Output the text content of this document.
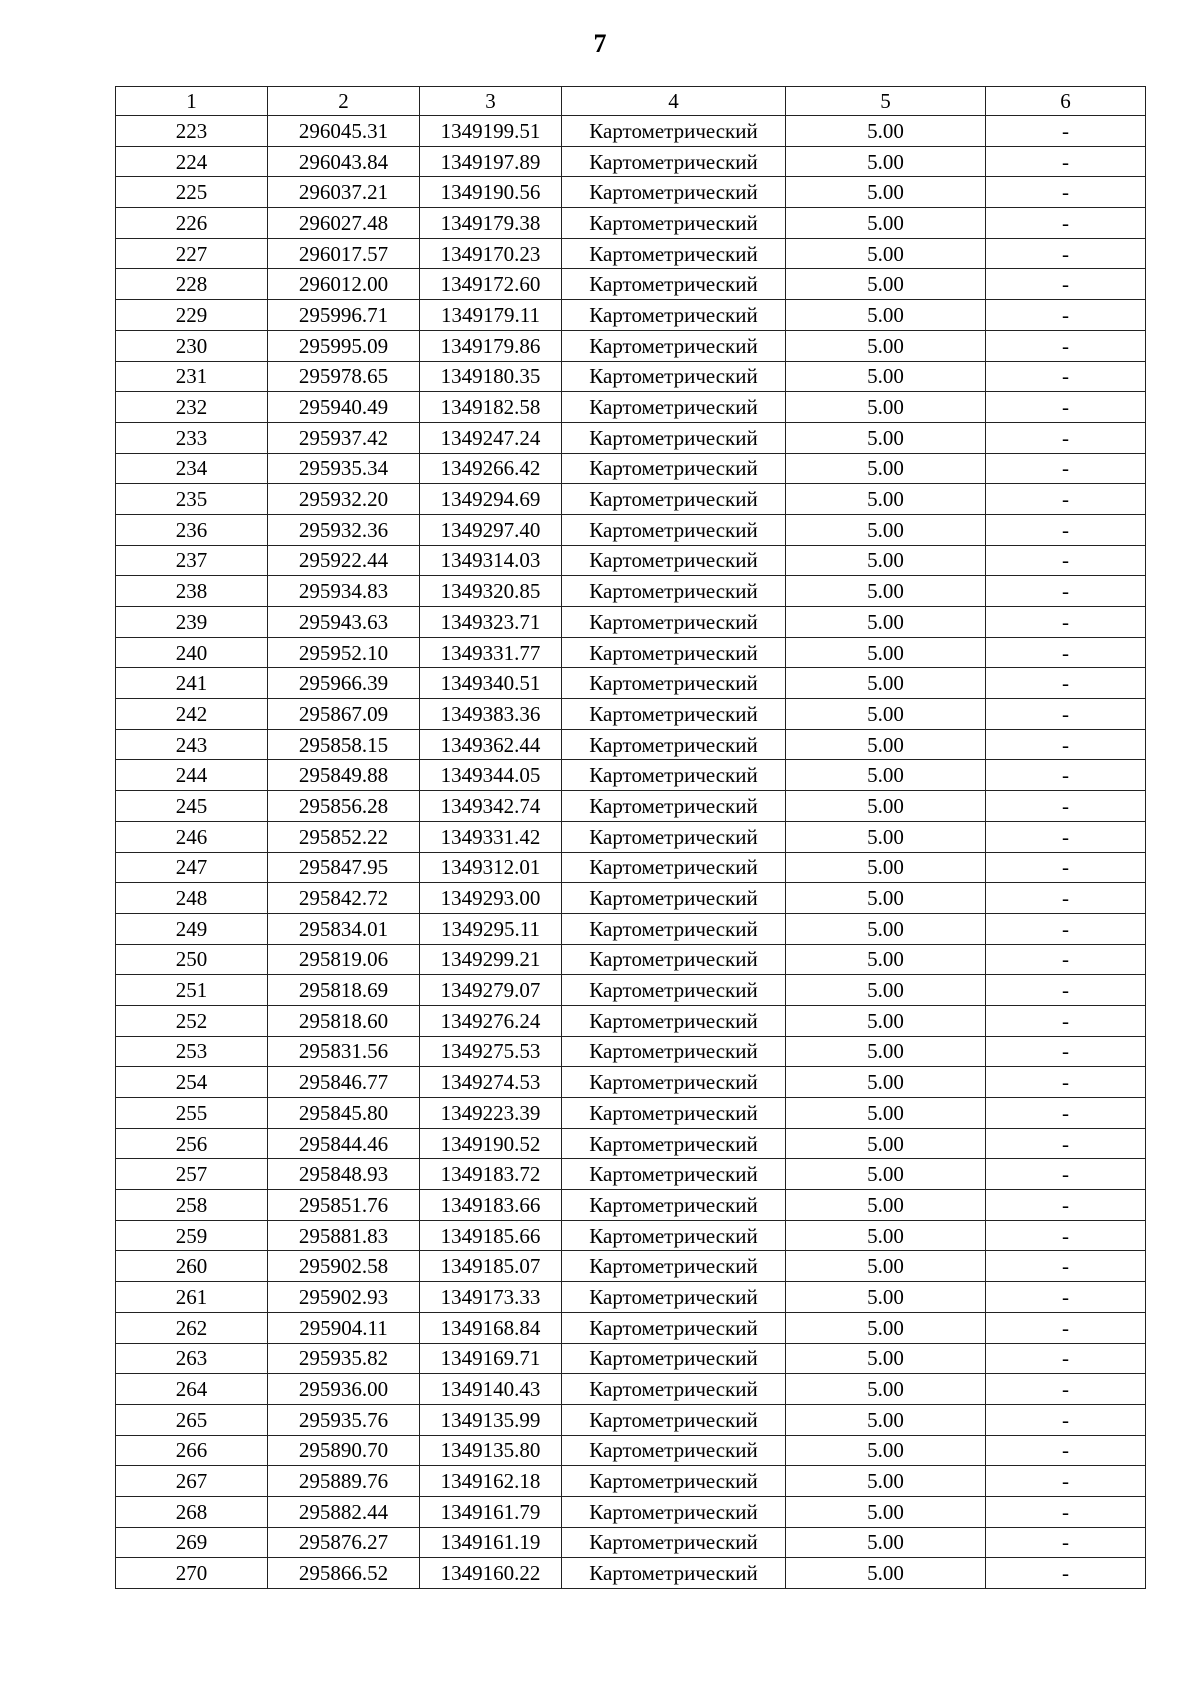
7
1	2	3	4	5	6
223	296045.31	1349199.51	Картометрический	5.00	-
224	296043.84	1349197.89	Картометрический	5.00	-
225	296037.21	1349190.56	Картометрический	5.00	-
226	296027.48	1349179.38	Картометрический	5.00	-
227	296017.57	1349170.23	Картометрический	5.00	-
228	296012.00	1349172.60	Картометрический	5.00	-
229	295996.71	1349179.11	Картометрический	5.00	-
230	295995.09	1349179.86	Картометрический	5.00	-
231	295978.65	1349180.35	Картометрический	5.00	-
232	295940.49	1349182.58	Картометрический	5.00	-
233	295937.42	1349247.24	Картометрический	5.00	-
234	295935.34	1349266.42	Картометрический	5.00	-
235	295932.20	1349294.69	Картометрический	5.00	-
236	295932.36	1349297.40	Картометрический	5.00	-
237	295922.44	1349314.03	Картометрический	5.00	-
238	295934.83	1349320.85	Картометрический	5.00	-
239	295943.63	1349323.71	Картометрический	5.00	-
240	295952.10	1349331.77	Картометрический	5.00	-
241	295966.39	1349340.51	Картометрический	5.00	-
242	295867.09	1349383.36	Картометрический	5.00	-
243	295858.15	1349362.44	Картометрический	5.00	-
244	295849.88	1349344.05	Картометрический	5.00	-
245	295856.28	1349342.74	Картометрический	5.00	-
246	295852.22	1349331.42	Картометрический	5.00	-
247	295847.95	1349312.01	Картометрический	5.00	-
248	295842.72	1349293.00	Картометрический	5.00	-
249	295834.01	1349295.11	Картометрический	5.00	-
250	295819.06	1349299.21	Картометрический	5.00	-
251	295818.69	1349279.07	Картометрический	5.00	-
252	295818.60	1349276.24	Картометрический	5.00	-
253	295831.56	1349275.53	Картометрический	5.00	-
254	295846.77	1349274.53	Картометрический	5.00	-
255	295845.80	1349223.39	Картометрический	5.00	-
256	295844.46	1349190.52	Картометрический	5.00	-
257	295848.93	1349183.72	Картометрический	5.00	-
258	295851.76	1349183.66	Картометрический	5.00	-
259	295881.83	1349185.66	Картометрический	5.00	-
260	295902.58	1349185.07	Картометрический	5.00	-
261	295902.93	1349173.33	Картометрический	5.00	-
262	295904.11	1349168.84	Картометрический	5.00	-
263	295935.82	1349169.71	Картометрический	5.00	-
264	295936.00	1349140.43	Картометрический	5.00	-
265	295935.76	1349135.99	Картометрический	5.00	-
266	295890.70	1349135.80	Картометрический	5.00	-
267	295889.76	1349162.18	Картометрический	5.00	-
268	295882.44	1349161.79	Картометрический	5.00	-
269	295876.27	1349161.19	Картометрический	5.00	-
270	295866.52	1349160.22	Картометрический	5.00	-
